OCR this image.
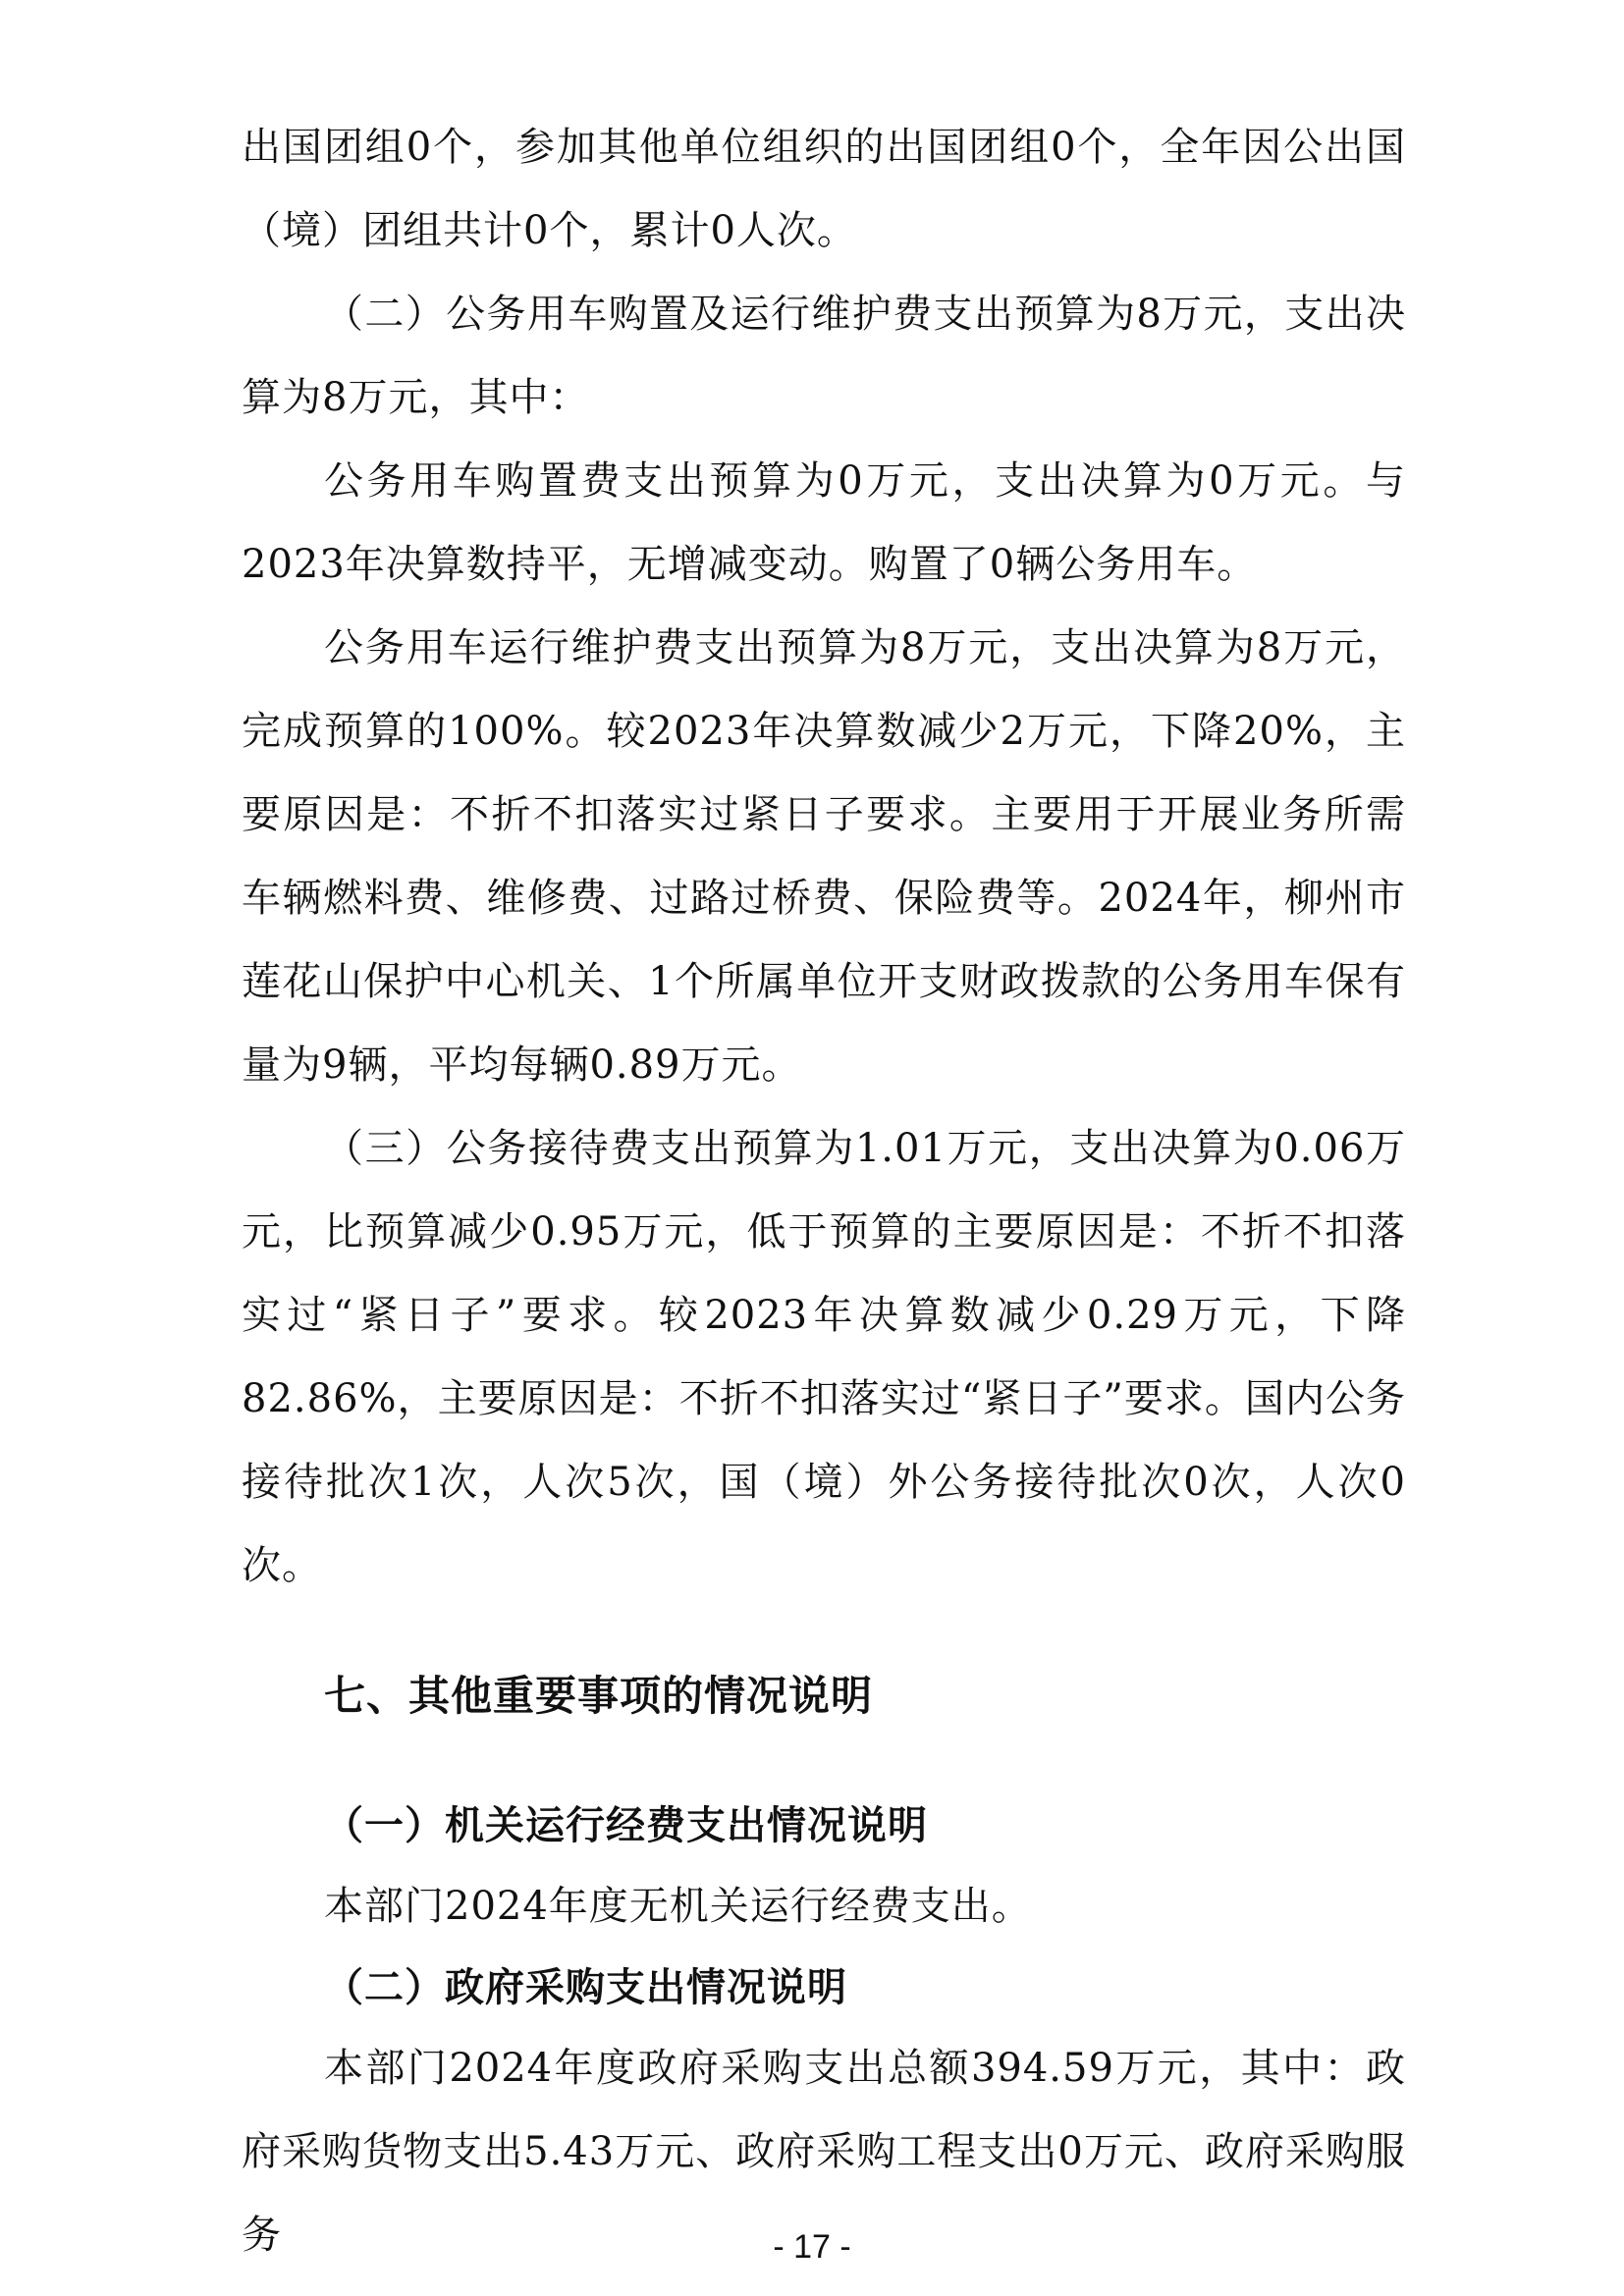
出国团组0个，参加其他单位组织的出国团组0个，全年因公出国（境）团组共计0个，累计0人次。

（二）公务用车购置及运行维护费支出预算为8万元，支出决算为8万元，其中：

公务用车购置费支出预算为0万元，支出决算为0万元。与2023年决算数持平，无增减变动。购置了0辆公务用车。

公务用车运行维护费支出预算为8万元，支出决算为8万元，完成预算的100%。较2023年决算数减少2万元，下降20%，主要原因是：不折不扣落实过紧日子要求。主要用于开展业务所需车辆燃料费、维修费、过路过桥费、保险费等。2024年，柳州市莲花山保护中心机关、1个所属单位开支财政拨款的公务用车保有量为9辆，平均每辆0.89万元。

（三）公务接待费支出预算为1.01万元，支出决算为0.06万元，比预算减少0.95万元，低于预算的主要原因是：不折不扣落实过“紧日子”要求。较2023年决算数减少0.29万元，下降82.86%，主要原因是：不折不扣落实过“紧日子”要求。国内公务接待批次1次，人次5次，国（境）外公务接待批次0次，人次0次。

七、其他重要事项的情况说明
（一）机关运行经费支出情况说明

本部门2024年度无机关运行经费支出。

（二）政府采购支出情况说明

本部门2024年度政府采购支出总额394.59万元，其中：政府采购货物支出5.43万元、政府采购工程支出0万元、政府采购服务	- 17 -
